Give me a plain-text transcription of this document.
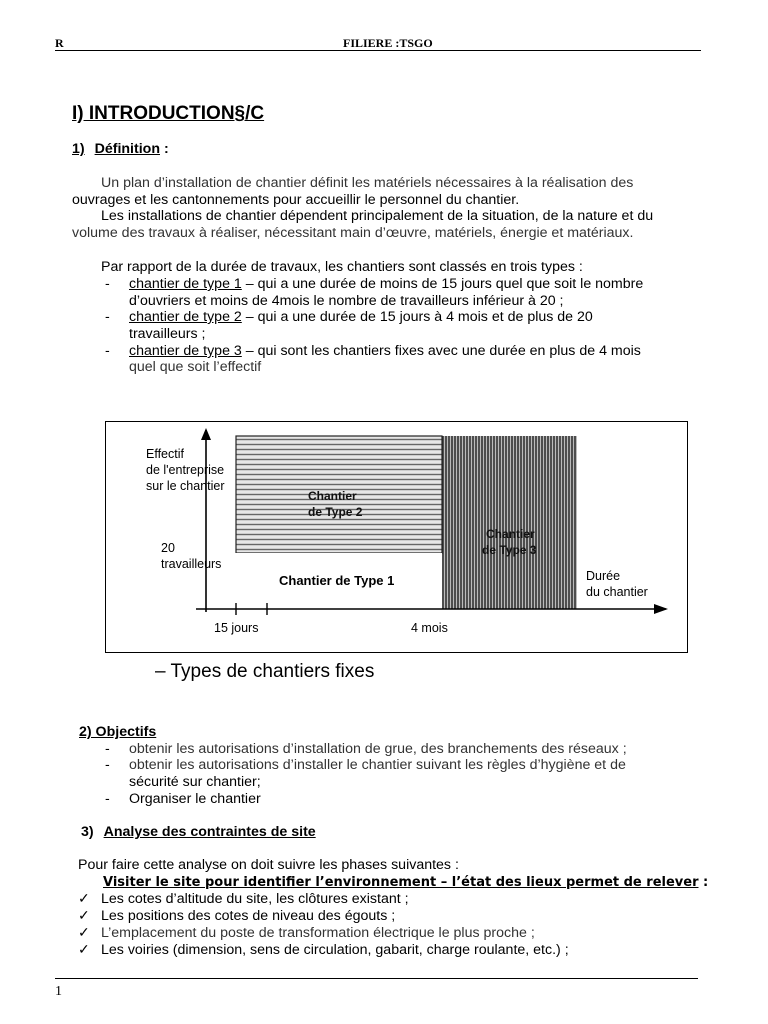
R	FILIERE :TSGO
I) INTRODUCTION§/C
1) Définition :
Un plan d’installation de chantier définit les matériels nécessaires à la réalisation des
ouvrages et les cantonnements pour accueillir le personnel du chantier.
Les installations de chantier dépendent principalement de la situation, de la nature et du
volume des travaux à réaliser, nécessitant main d’œuvre, matériels, énergie et matériaux.
Par rapport de la durée de travaux, les chantiers sont classés en trois types :
- chantier de type 1 – qui a une durée de moins de 15 jours quel que soit le nombre
d’ouvriers et moins de 4mois le nombre de travailleurs inférieur à 20 ;
- chantier de type 2 – qui a une durée de 15 jours à 4 mois et de plus de 20
travailleurs ;
- chantier de type 3 – qui sont les chantiers fixes avec une durée en plus de 4 mois
quel que soit l’effectif
Effectif
de l'entreprise
sur le chantier
20
travailleurs
Chantier
de Type 2
Chantier
de Type 3
Chantier de Type 1	Durée
du chantier
15 jours	4 mois
– Types de chantiers fixes
2) Objectifs
- obtenir les autorisations d’installation de grue, des branchements des réseaux ;
- obtenir les autorisations d’installer le chantier suivant les règles d’hygiène et de
sécurité sur chantier;
- Organiser le chantier
3) Analyse des contraintes de site
Pour faire cette analyse on doit suivre les phases suivantes :
Visiter le site pour identifier l’environnement – l’état des lieux permet de relever :
✓ Les cotes d’altitude du site, les clôtures existant ;
✓ Les positions des cotes de niveau des égouts ;
✓ L’emplacement du poste de transformation électrique le plus proche ;
✓ Les voiries (dimension, sens de circulation, gabarit, charge roulante, etc.) ;
1
